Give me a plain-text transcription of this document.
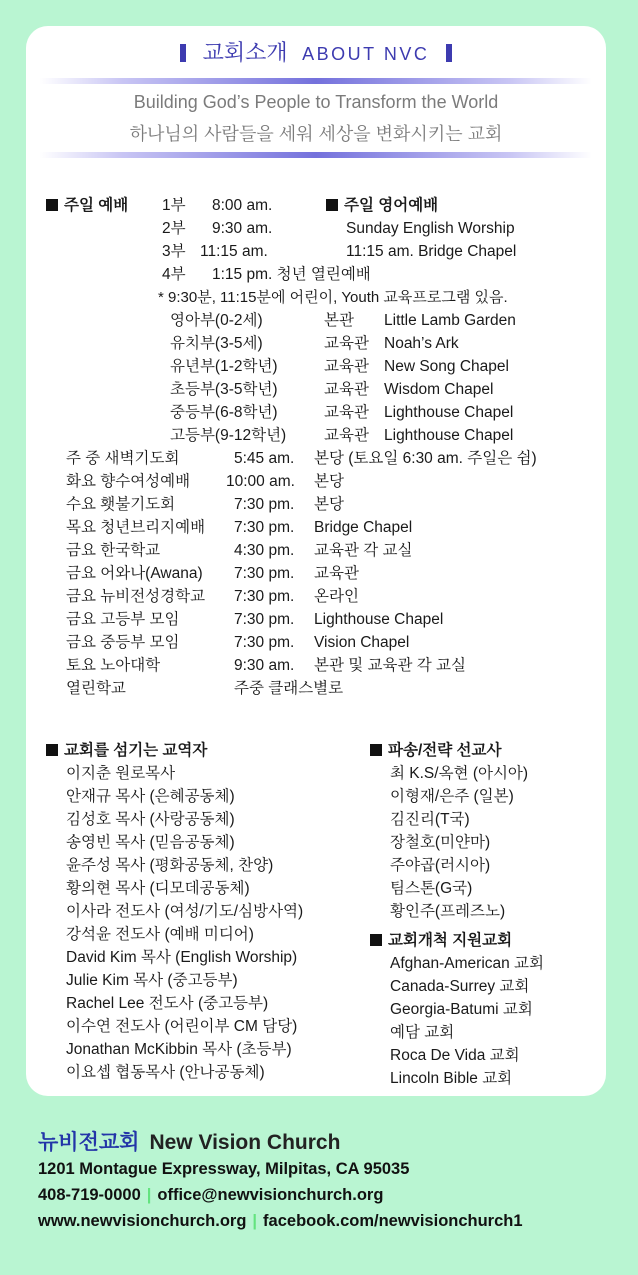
교회소개 ABOUT NVC
Building God’s People to Transform the World
하나님의 사람들을 세워 세상을 변화시키는 교회
주일 예배 1부 8:00 am.
2부 9:30 am.
3부 11:15 am.
4부 1:15 pm. 청년 열린예배
주일 영어예배
Sunday English Worship
11:15 am. Bridge Chapel
* 9:30분, 11:15분에 어린이, Youth 교육프로그램 있음.
영아부(0-2세)	본관 Little Lamb Garden
유치부(3-5세)	교육관 Noah’s Ark
유년부(1-2학년)	교육관 New Song Chapel
초등부(3-5학년)	교육관 Wisdom Chapel
중등부(6-8학년)	교육관 Lighthouse Chapel
고등부(9-12학년) 교육관 Lighthouse Chapel
주 중 새벽기도회	5:45 am. 본당 (토요일 6:30 am. 주일은 쉼)
화요 향수여성예배 10:00 am. 본당
수요 횃불기도회	7:30 pm. 본당
목요 청년브리지예배 7:30 pm. Bridge Chapel
금요 한국학교	4:30 pm. 교육관 각 교실
금요 어와나(Awana) 7:30 pm. 교육관
금요 뉴비전성경학교 7:30 pm. 온라인
금요 고등부 모임	7:30 pm. Lighthouse Chapel
금요 중등부 모임	7:30 pm. Vision Chapel
토요 노아대학	9:30 am. 본관 및 교육관 각 교실
열린학교	주중 클래스별로
교회를 섬기는 교역자
이지춘 원로목사
안재규 목사 (은혜공동체)
김성호 목사 (사랑공동체)
송영빈 목사 (믿음공동체)
윤주성 목사 (평화공동체, 찬양)
황의현 목사 (디모데공동체)
이사라 전도사 (여성/기도/심방사역)
강석윤 전도사 (예배 미디어)
David Kim 목사 (English Worship)
Julie Kim 목사 (중고등부)
Rachel Lee 전도사 (중고등부)
이수연 전도사 (어린이부 CM 담당)
Jonathan McKibbin 목사 (초등부)
이요셉 협동목사 (안나공동체)
파송/전략 선교사
최 K.S/옥현 (아시아)
이형재/은주 (일본)
김진리(T국)
장철호(미얀마)
주야곱(러시아)
팀스톤(G국)
황인주(프레즈노)
교회개척 지원교회
Afghan-American 교회
Canada-Surrey 교회
Georgia-Batumi 교회
예담 교회
Roca De Vida 교회
Lincoln Bible 교회
뉴비전교회 New Vision Church
1201 Montague Expressway, Milpitas, CA 95035
408-719-0000 | office@newvisionchurch.org
www.newvisionchurch.org | facebook.com/newvisionchurch1
